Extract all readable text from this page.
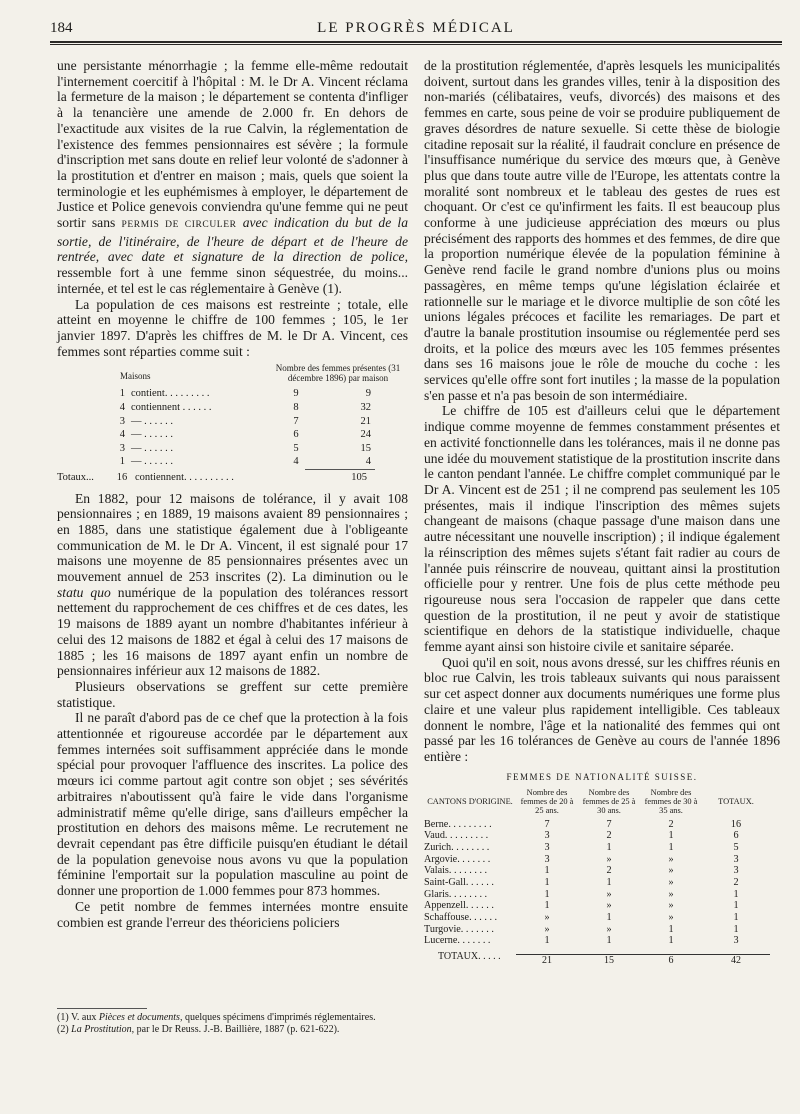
184	LE PROGRÈS MÉDICAL

une persistante ménorrhagie ; la femme elle-même redoutait l'internement coercitif à l'hôpital : M. le Dr A. Vincent réclama la fermeture de la maison ; le département se contenta d'infliger à la tenancière une amende de 2.000 fr. En dehors de l'exactitude aux visites de la rue Calvin, la réglementation de l'existence des femmes pensionnaires est sévère ; la formule d'inscription met sans doute en relief leur volonté de s'adonner à la prostitution et d'entrer en maison ; mais, quels que soient la terminologie et les euphémismes à employer, le département de Justice et Police genevois conviendra qu'une femme qui ne peut sortir sans PERMIS DE CIRCULER avec indication du but de la sortie, de l'itinéraire, de l'heure de départ et de l'heure de rentrée, avec date et signature de la direction de police, ressemble fort à une femme sinon séquestrée, du moins... internée, et tel est le cas réglementaire à Genève (1).

La population de ces maisons est restreinte ; totale, elle atteint en moyenne le chiffre de 100 femmes ; 105, le 1er janvier 1897. D'après les chiffres de M. le Dr A. Vincent, ces femmes sont réparties comme suit :

Maisons
Nombre des femmes présentes (31 décembre 1896) par maison
1 contient. . . . . . . . .	9	9
4 contiennent . . . . . .	8	32
3 — . . . . . .	7	21
4 — . . . . . .	6	24
3 — . . . . . .	5	15
1 — . . . . . .	4	4
Totaux...	16 contiennent. . . . . . . . . .	105

En 1882, pour 12 maisons de tolérance, il y avait 108 pensionnaires ; en 1889, 19 maisons avaient 89 pensionnaires ; en 1885, dans une statistique également due à l'obligeante communication de M. le Dr A. Vincent, il est signalé pour 17 maisons une moyenne de 85 pensionnaires présentes avec un mouvement annuel de 253 inscrites (2). La diminution ou le statu quo numérique de la population des tolérances ressort nettement du rapprochement de ces chiffres et de ces dates, les 19 maisons de 1889 ayant un nombre d'habitantes inférieur à celui des 12 maisons de 1882 et égal à celui des 17 maisons de 1885 ; les 16 maisons de 1897 ayant enfin un nombre de pensionnaires inférieur aux 12 maisons de 1882.

Plusieurs observations se greffent sur cette première statistique.

Il ne paraît d'abord pas de ce chef que la protection à la fois attentionnée et rigoureuse accordée par le département aux femmes internées soit suffisamment appréciée dans le monde spécial pour provoquer l'affluence des inscrites. La police des mœurs ici comme partout agit contre son objet ; ses sévérités arbitraires n'aboutissent qu'à faire le vide dans l'organisme administratif même qu'elle dirige, sans d'ailleurs empêcher la prostitution en dehors des maisons même. Le recrutement ne devrait cependant pas être difficile puisqu'en étudiant le détail de la population genevoise nous avons vu que la population féminine l'emportait sur la population masculine au point de donner une proportion de 1.000 femmes pour 873 hommes.

Ce petit nombre de femmes internées montre ensuite combien est grande l'erreur des théoriciens policiers

(1) V. aux Pièces et documents, quelques spécimens d'imprimés réglementaires.
(2) La Prostitution, par le Dr Reuss. J.-B. Baillière, 1887 (p. 621-622).

de la prostitution réglementée, d'après lesquels les municipalités doivent, surtout dans les grandes villes, tenir à la disposition des non-mariés (célibataires, veufs, divorcés) des maisons et des femmes en carte, sous peine de voir se produire publiquement de graves désordres de nature sexuelle. Si cette thèse de biologie citadine reposait sur la réalité, il faudrait conclure en présence de l'insuffisance numérique du service des mœurs que, à Genève plus que dans toute autre ville de l'Europe, les attentats contre la moralité sont nombreux et le tableau des gestes de rues est choquant. Or c'est ce qu'infirment les faits. Il est beaucoup plus conforme à une judicieuse appréciation des mœurs ou plus précisément des rapports des hommes et des femmes, de dire que la proportion numérique élevée de la population féminine à Genève rend facile le grand nombre d'unions plus ou moins passagères, en même temps qu'une législation éclairée et rationnelle sur le mariage et le divorce multiplie de son côté les unions légales précoces et facilite les remariages. De part et d'autre la banale prostitution insoumise ou réglementée perd ses droits, et la police des mœurs avec les 105 femmes présentes dans ses 16 maisons joue le rôle de mouche du coche : les services qu'elle offre sont fort inutiles ; la masse de la population s'en passe et n'a pas besoin de son intermédiaire.

Le chiffre de 105 est d'ailleurs celui que le département indique comme moyenne de femmes constamment présentes et en activité fonctionnelle dans les tolérances, mais il ne donne pas une idée du mouvement statistique de la prostitution inscrite dans le canton pendant l'année. Le chiffre complet communiqué par le Dr A. Vincent est de 251 ; il ne comprend pas seulement les 105 présentes, mais il indique l'inscription des mêmes sujets changeant de maisons (chaque passage d'une maison dans une autre nécessitant une nouvelle inscription) ; il indique également la réinscription des mêmes sujets s'étant fait radier au cours de l'année puis réinscrire de nouveau, quittant ainsi la prostitution officielle pour y rentrer. Une fois de plus cette méthode peu rigoureuse nous sera l'occasion de rappeler que dans cette question de la prostitution, il ne peut y avoir de statistique scientifique en dehors de la statistique individuelle, chaque femme ayant ainsi son histoire civile et sanitaire séparée.

Quoi qu'il en soit, nous avons dressé, sur les chiffres réunis en bloc rue Calvin, les trois tableaux suivants qui nous paraissent sur cet aspect donner aux documents numériques une forme plus claire et une valeur plus rapidement intelligible. Ces tableaux donnent le nombre, l'âge et la nationalité des femmes qui ont passé par les 16 tolérances de Genève au cours de l'année 1896 entière :

FEMMES DE NATIONALITÉ SUISSE.
CANTONS D'ORIGINE.
Nombre des femmes de 20 à 25 ans.
Nombre des femmes de 25 à 30 ans.
Nombre des femmes de 30 à 35 ans.
TOTAUX.
Berne. . . . . . . . .	7	7	2	16
Vaud. . . . . . . . .	3	2	1	6
Zurich. . . . . . . .	3	1	1	5
Argovie. . . . . . .	3	»	»	3
Valais. . . . . . . .	1	2	»	3
Saint-Gall. . . . . .	1	1	»	2
Glaris. . . . . . . .	1	»	»	1
Appenzell. . . . . .	1	»	»	1
Schaffouse. . . . . .	»	1	»	1
Turgovie. . . . . . .	»	»	1	1
Lucerne. . . . . . .	1	1	1	3
TOTAUX. . . . .	21	15	6	42
